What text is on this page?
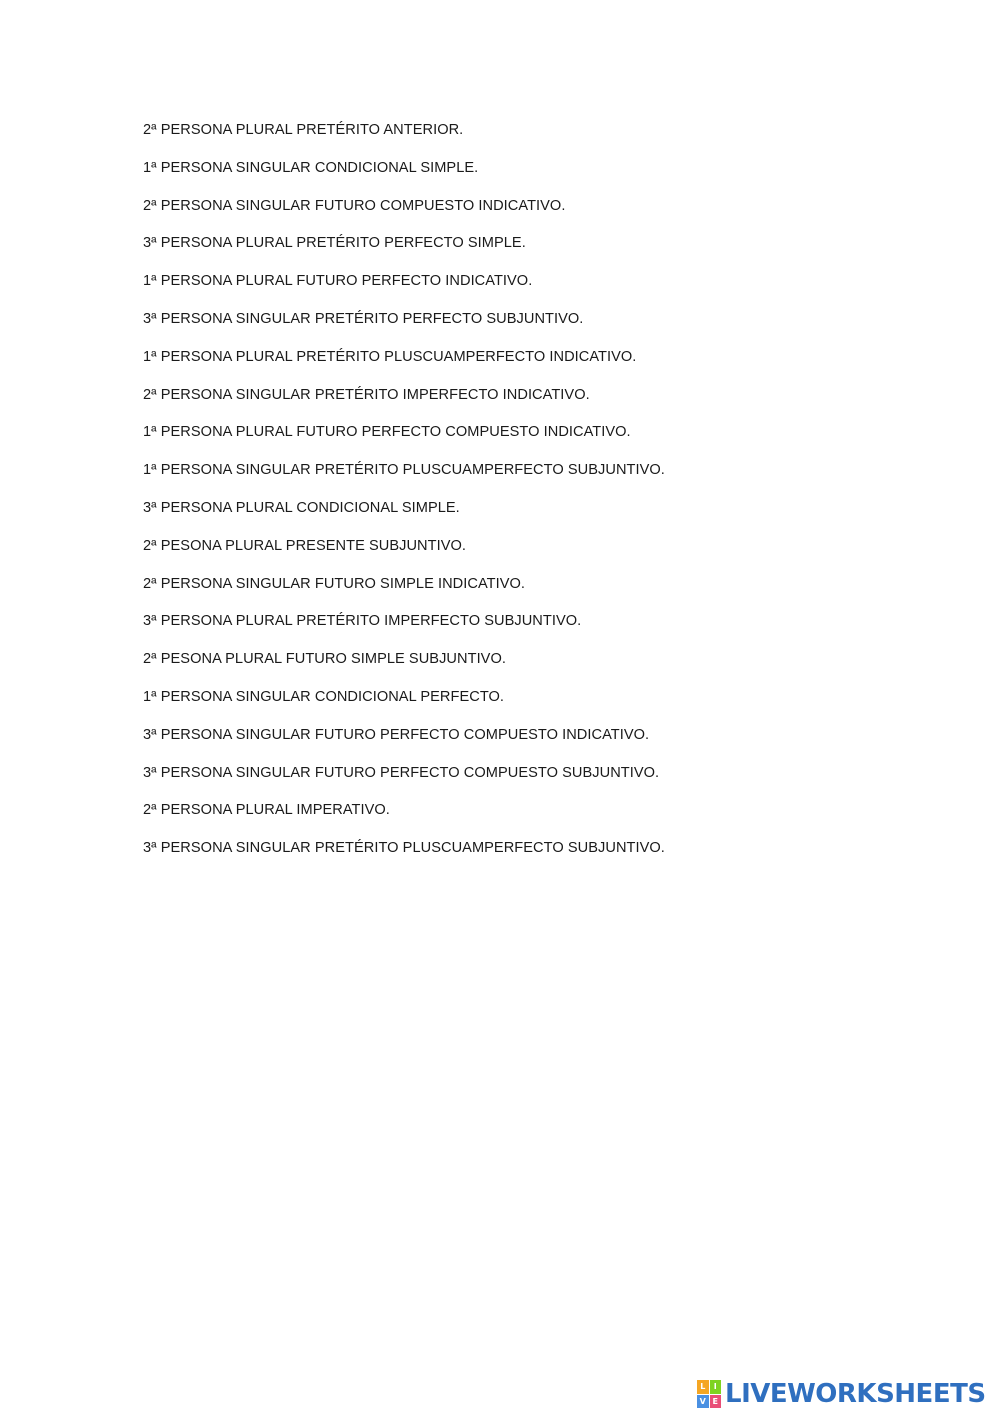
2ª PERSONA PLURAL PRETÉRITO ANTERIOR.
1ª PERSONA SINGULAR CONDICIONAL SIMPLE.
2ª PERSONA SINGULAR FUTURO COMPUESTO INDICATIVO.
3ª PERSONA PLURAL PRETÉRITO PERFECTO SIMPLE.
1ª PERSONA PLURAL FUTURO PERFECTO INDICATIVO.
3ª PERSONA SINGULAR PRETÉRITO PERFECTO SUBJUNTIVO.
1ª PERSONA PLURAL PRETÉRITO PLUSCUAMPERFECTO INDICATIVO.
2ª PERSONA SINGULAR PRETÉRITO IMPERFECTO INDICATIVO.
1ª PERSONA PLURAL FUTURO PERFECTO COMPUESTO INDICATIVO.
1ª PERSONA SINGULAR PRETÉRITO PLUSCUAMPERFECTO SUBJUNTIVO.
3ª PERSONA PLURAL CONDICIONAL SIMPLE.
2ª PESONA PLURAL PRESENTE SUBJUNTIVO.
2ª PERSONA SINGULAR FUTURO SIMPLE INDICATIVO.
3ª PERSONA PLURAL PRETÉRITO IMPERFECTO SUBJUNTIVO.
2ª PESONA PLURAL FUTURO SIMPLE SUBJUNTIVO.
1ª PERSONA SINGULAR CONDICIONAL PERFECTO.
3ª PERSONA SINGULAR FUTURO PERFECTO COMPUESTO INDICATIVO.
3ª PERSONA SINGULAR FUTURO PERFECTO COMPUESTO SUBJUNTIVO.
2ª PERSONA PLURAL IMPERATIVO.
3ª PERSONA SINGULAR PRETÉRITO PLUSCUAMPERFECTO SUBJUNTIVO.
L	I
V E LIVEWORKSHEETS
